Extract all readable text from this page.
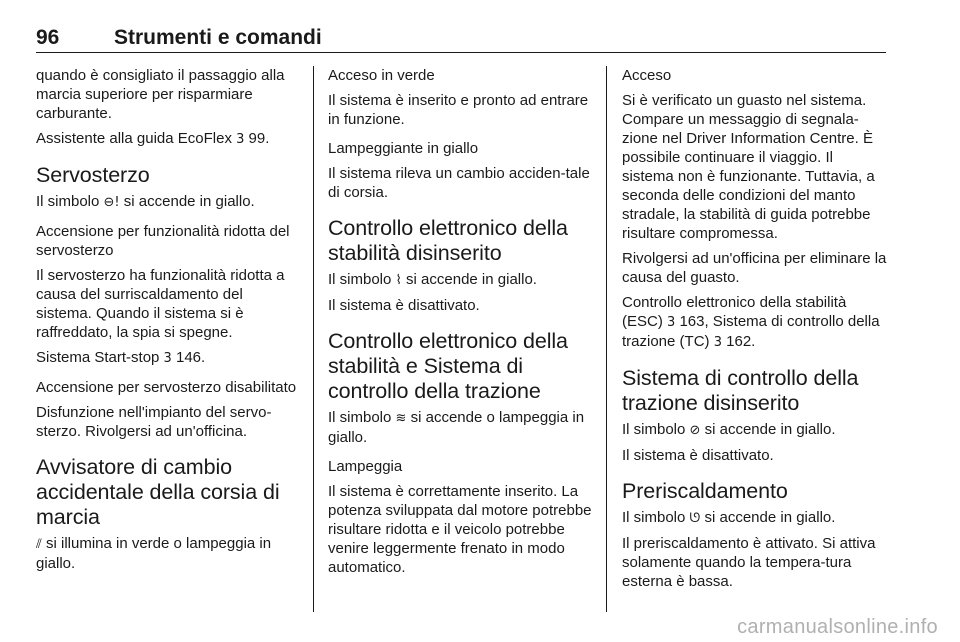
96	Strumenti e comandi

quando è consigliato il passaggio alla marcia superiore per risparmiare carburante.

Assistente alla guida EcoFlex 3 99.

Servosterzo

Il simbolo ⊖! si accende in giallo.

Accensione per funzionalità ridotta del servosterzo

Il servosterzo ha funzionalità ridotta a causa del surriscaldamento del sistema. Quando il sistema si è raffreddato, la spia si spegne.

Sistema Start-stop 3 146.

Accensione per servosterzo disabilitato

Disfunzione nell'impianto del servo-sterzo. Rivolgersi ad un'officina.

Avvisatore di cambio accidentale della corsia di marcia

⫽ si illumina in verde o lampeggia in giallo.

Acceso in verde

Il sistema è inserito e pronto ad entrare in funzione.

Lampeggiante in giallo

Il sistema rileva un cambio acciden-tale di corsia.

Controllo elettronico della stabilità disinserito

Il simbolo ⌇ si accende in giallo.

Il sistema è disattivato.

Controllo elettronico della stabilità e Sistema di controllo della trazione

Il simbolo ≋ si accende o lampeggia in giallo.

Lampeggia

Il sistema è correttamente inserito. La potenza sviluppata dal motore potrebbe risultare ridotta e il veicolo potrebbe venire leggermente frenato in modo automatico.

Acceso

Si è verificato un guasto nel sistema. Compare un messaggio di segnala-zione nel Driver Information Centre. È possibile continuare il viaggio. Il sistema non è funzionante. Tuttavia, a seconda delle condizioni del manto stradale, la stabilità di guida potrebbe risultare compromessa.

Rivolgersi ad un'officina per eliminare la causa del guasto.

Controllo elettronico della stabilità (ESC) 3 163, Sistema di controllo della trazione (TC) 3 162.

Sistema di controllo della trazione disinserito

Il simbolo ⊘ si accende in giallo.

Il sistema è disattivato.

Preriscaldamento

Il simbolo ᘎ si accende in giallo.

Il preriscaldamento è attivato. Si attiva solamente quando la tempera-tura esterna è bassa.

carmanualsonline.info
